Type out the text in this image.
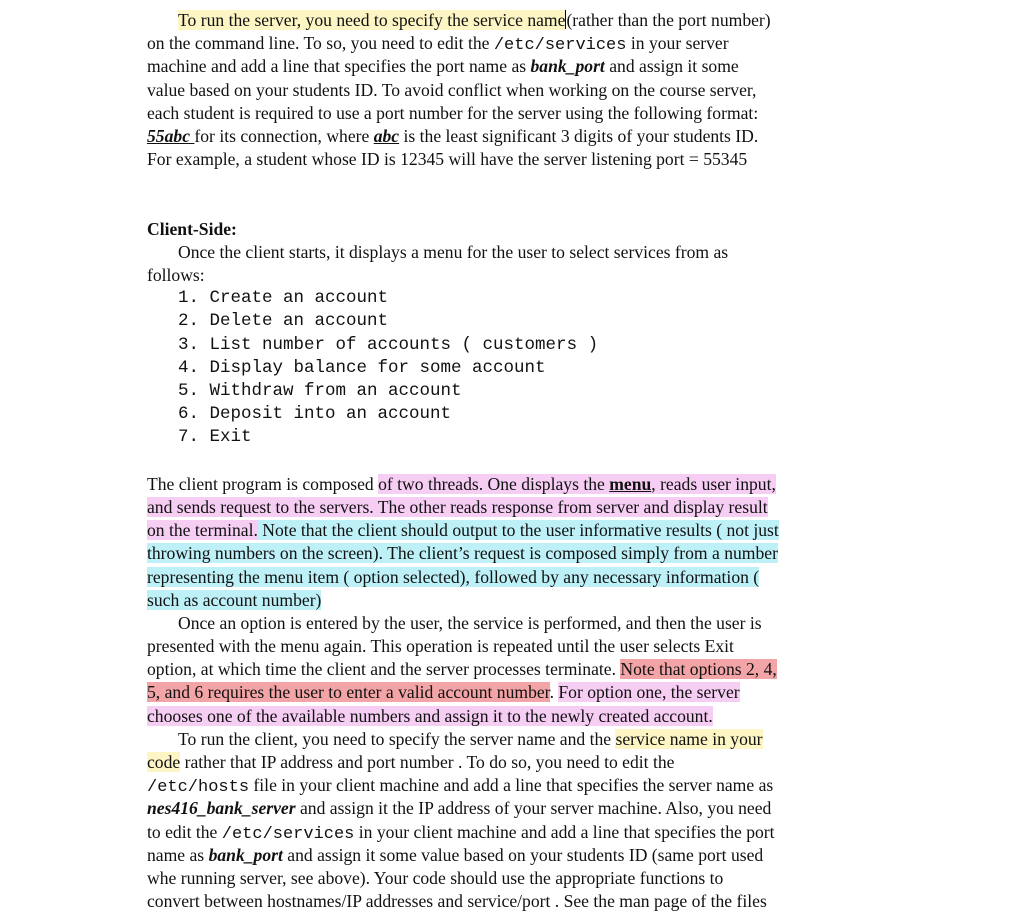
To run the server, you need to specify the service name(rather than the port number)
on the command line. To so, you need to edit the /etc/services in your server
machine and add a line that specifies the port name as bank_port and assign it some
value based on your students ID. To avoid conflict when working on the course server,
each student is required to use a port number for the server using the following format:
55abc for its connection, where abc is the least significant 3 digits of your students ID.
For example, a student whose ID is 12345 will have the server listening port = 55345
Client-Side:
Once the client starts, it displays a menu for the user to select services from as
follows:
1. Create an account
2. Delete an account
3. List number of accounts ( customers )
4. Display balance for some account
5. Withdraw from an account
6. Deposit into an account
7. Exit
The client program is composed of two threads. One displays the menu, reads user input,
and sends request to the servers. The other reads response from server and display result
on the terminal. Note that the client should output to the user informative results ( not just
throwing numbers on the screen). The client’s request is composed simply from a number
representing the menu item ( option selected), followed by any necessary information (
such as account number)
Once an option is entered by the user, the service is performed, and then the user is
presented with the menu again. This operation is repeated until the user selects Exit
option, at which time the client and the server processes terminate. Note that options 2, 4,
5, and 6 requires the user to enter a valid account number. For option one, the server
chooses one of the available numbers and assign it to the newly created account.
To run the client, you need to specify the server name and the service name in your
code rather that IP address and port number . To do so, you need to edit the
/etc/hosts file in your client machine and add a line that specifies the server name as
nes416_bank_server and assign it the IP address of your server machine. Also, you need
to edit the /etc/services in your client machine and add a line that specifies the port
name as bank_port and assign it some value based on your students ID (same port used
whe running server, see above). Your code should use the appropriate functions to
convert between hostnames/IP addresses and service/port . See the man page of the files
